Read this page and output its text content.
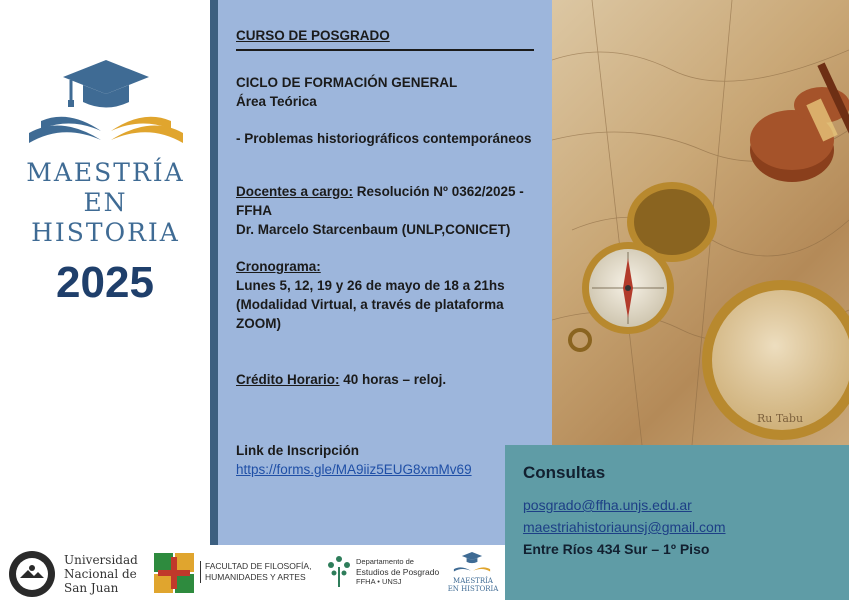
MAESTRÍA
EN HISTORIA
2025
CURSO DE POSGRADO
CICLO DE FORMACIÓN GENERAL
Área Teórica
- Problemas historiográficos contemporáneos
Docentes a cargo: Resolución Nº 0362/2025 - FFHA
Dr. Marcelo Starcenbaum (UNLP,CONICET)
Cronograma:
Lunes 5, 12, 19 y 26 de mayo de 18 a 21hs
(Modalidad Virtual, a través de plataforma ZOOM)
Crédito Horario: 40 horas – reloj.
Link de Inscripción
https://forms.gle/MA9iiz5EUG8xmMv69
Ru Tabu
Consultas
posgrado@ffha.unjs.edu.ar
maestriahistoriaunsj@gmail.com
Entre Ríos 434 Sur – 1º Piso
Universidad
Nacional de
San Juan
FACULTAD DE FILOSOFÍA,
HUMANIDADES Y ARTES
Departamento de
Estudios de Posgrado
FFHA • UNSJ	MAESTRÍA
EN HISTORIA
